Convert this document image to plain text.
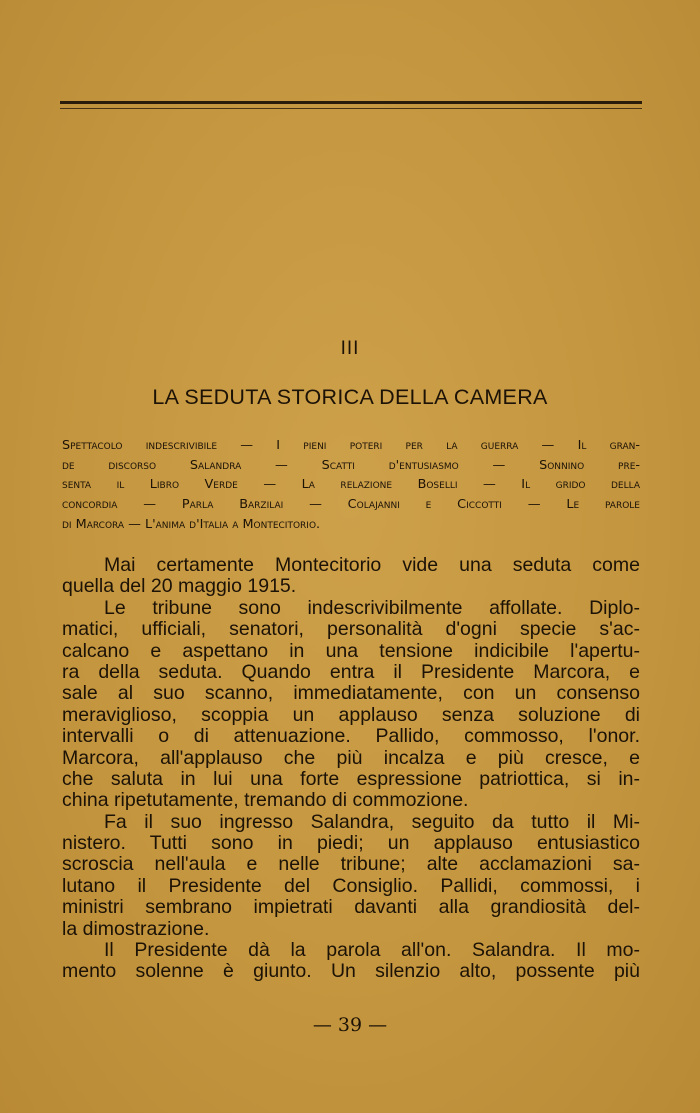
III
LA SEDUTA STORICA DELLA CAMERA
Spettacolo indescrivibile — I pieni poteri per la guerra — Il gran-
de discorso Salandra — Scatti d'entusiasmo — Sonnino pre-
senta il Libro Verde — La relazione Boselli — Il grido della
concordia — Parla Barzilai — Colajanni e Ciccotti — Le parole
di Marcora — L'anima d'Italia a Montecitorio.
Mai certamente Montecitorio vide una seduta come
quella del 20 maggio 1915.
Le tribune sono indescrivibilmente affollate. Diplo-
matici, ufficiali, senatori, personalità d'ogni specie s'ac-
calcano e aspettano in una tensione indicibile l'apertu-
ra della seduta. Quando entra il Presidente Marcora, e
sale al suo scanno, immediatamente, con un consenso
meraviglioso, scoppia un applauso senza soluzione di
intervalli o di attenuazione. Pallido, commosso, l'onor.
Marcora, all'applauso che più incalza e più cresce, e
che saluta in lui una forte espressione patriottica, si in-
china ripetutamente, tremando di commozione.
Fa il suo ingresso Salandra, seguito da tutto il Mi-
nistero. Tutti sono in piedi; un applauso entusiastico
scroscia nell'aula e nelle tribune; alte acclamazioni sa-
lutano il Presidente del Consiglio. Pallidi, commossi, i
ministri sembrano impietrati davanti alla grandiosità del-
la dimostrazione.
Il Presidente dà la parola all'on. Salandra. Il mo-
mento solenne è giunto. Un silenzio alto, possente più
— 39 —
